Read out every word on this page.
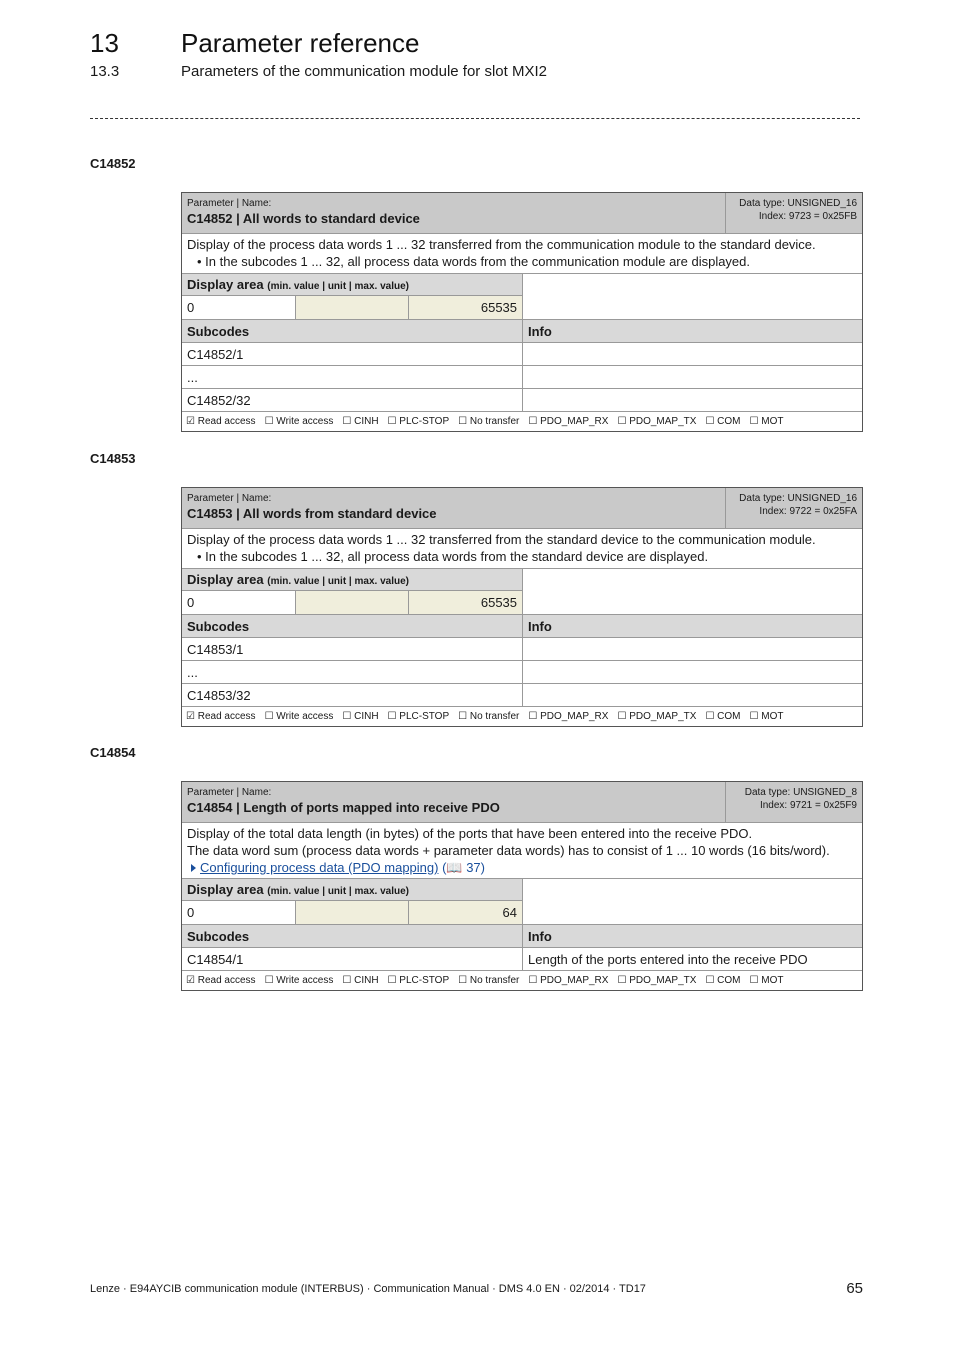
13 Parameter reference
13.3	Parameters of the communication module for slot MXI2
C14852
Parameter | Name:
C14852 | All words to standard device
Data type: UNSIGNED_16
Index: 9723 = 0x25FB
Display of the process data words 1 ... 32 transferred from the communication module to the standard device.
• In the subcodes 1 ... 32, all process data words from the communication module are displayed.
Display area (min. value | unit | max. value)
0	65535
Subcodes	Info
C14852/1
...
C14852/32
☑ Read access ☐ Write access ☐ CINH ☐ PLC-STOP ☐ No transfer ☐ PDO_MAP_RX ☐ PDO_MAP_TX ☐ COM ☐ MOT
C14853
Parameter | Name:
C14853 | All words from standard device
Data type: UNSIGNED_16
Index: 9722 = 0x25FA
Display of the process data words 1 ... 32 transferred from the standard device to the communication module.
• In the subcodes 1 ... 32, all process data words from the standard device are displayed.
Display area (min. value | unit | max. value)
0	65535
Subcodes	Info
C14853/1
...
C14853/32
☑ Read access ☐ Write access ☐ CINH ☐ PLC-STOP ☐ No transfer ☐ PDO_MAP_RX ☐ PDO_MAP_TX ☐ COM ☐ MOT
C14854
Parameter | Name:
C14854 | Length of ports mapped into receive PDO
Data type: UNSIGNED_8
Index: 9721 = 0x25F9
Display of the total data length (in bytes) of the ports that have been entered into the receive PDO.
The data word sum (process data words + parameter data words) has to consist of 1 ... 10 words (16 bits/word).
Configuring process data (PDO mapping) (📖 37)
Display area (min. value | unit | max. value)
0	64
Subcodes	Info
C14854/1	Length of the ports entered into the receive PDO
☑ Read access ☐ Write access ☐ CINH ☐ PLC-STOP ☐ No transfer ☐ PDO_MAP_RX ☐ PDO_MAP_TX ☐ COM ☐ MOT
Lenze · E94AYCIB communication module (INTERBUS) · Communication Manual · DMS 4.0 EN · 02/2014 · TD17	65
